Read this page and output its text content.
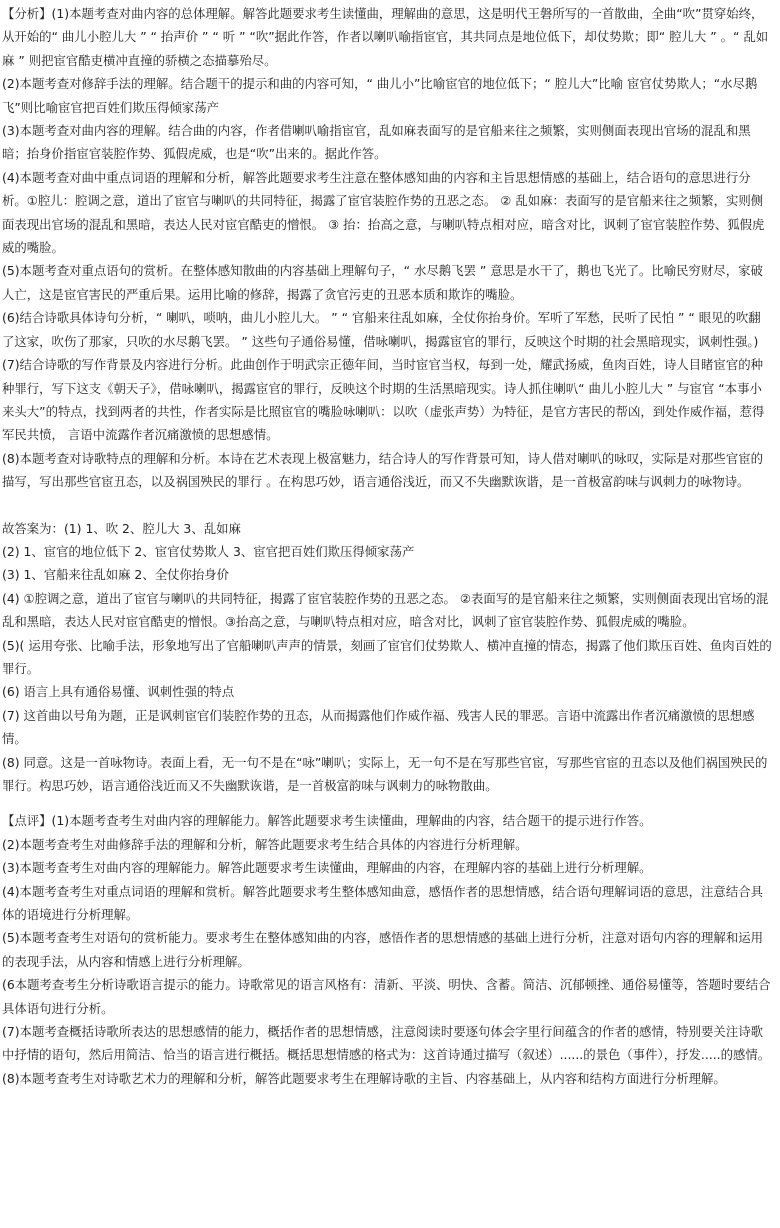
【分析】(1)本题考查对曲内容的总体理解。解答此题要求考生读懂曲，理解曲的意思，这是明代王磐所写的一首散曲，全曲“吹”贯穿始终，从开始的“ 曲儿小腔儿大 ” “ 抬声价 ” “ 听 ” “吹”据此作答，作者以喇叭喻指宦官，其共同点是地位低下，却仗势欺；即“ 腔儿大 ” 。“ 乱如麻 ” 则把宦官酷吏横冲直撞的骄横之态描摹殆尽。

(2)本题考查对修辞手法的理解。结合题干的提示和曲的内容可知，“ 曲儿小”比喻宦官的地位低下；“ 腔儿大”比喻 宦官仗势欺人；“水尽鹅飞”则比喻宦官把百姓们欺压得倾家荡产

(3)本题考查对曲内容的理解。结合曲的内容，作者借喇叭喻指宦官，乱如麻表面写的是官船来往之频繁，实则侧面表现出官场的混乱和黑暗；抬身价指宦官装腔作势、狐假虎威，也是“吹”出来的。据此作答。

(4)本题考查对曲中重点词语的理解和分析，解答此题要求考生注意在整体感知曲的内容和主旨思想情感的基础上，结合语句的意思进行分析。①腔儿：腔调之意，道出了宦官与喇叭的共同特征，揭露了宦官装腔作势的丑恶之态。 ② 乱如麻：表面写的是官船来往之频繁，实则侧面表现出官场的混乱和黑暗，表达人民对宦官酷吏的憎恨。 ③ 抬：抬高之意，与喇叭特点相对应，暗含对比，讽刺了宦官装腔作势、狐假虎威的嘴脸。

(5)本题考查对重点语句的赏析。在整体感知散曲的内容基础上理解句子，“ 水尽鹅飞罢 ” 意思是水干了，鹅也飞光了。比喻民穷财尽，家破人亡，这是宦官害民的严重后果。运用比喻的修辞，揭露了贪官污吏的丑恶本质和欺诈的嘴脸。

(6)结合诗歌具体诗句分析，“ 喇叭，唢呐，曲儿小腔儿大。 ” “ 官船来往乱如麻，全仗你抬身价。军听了军愁，民听了民怕 ” “ 眼见的吹翻了这家，吹伤了那家，只吹的水尽鹅飞罢。 ” 这些句子通俗易懂，借咏喇叭，揭露宦官的罪行，反映这个时期的社会黑暗现实，讽刺性强。)

(7)结合诗歌的写作背景及内容进行分析。此曲创作于明武宗正德年间，当时宦官当权，每到一处，耀武扬威，鱼肉百姓，诗人目睹宦官的种种罪行，写下这支《朝天子》，借咏喇叭，揭露宦官的罪行，反映这个时期的生活黑暗现实。诗人抓住喇叭“ 曲儿小腔儿大 ” 与宦官 “本事小来头大”的特点，找到两者的共性，作者实际是比照宦官的嘴脸咏喇叭：以吹（虚张声势）为特征，是官方害民的帮凶，到处作威作福，惹得军民共愤， 言语中流露作者沉痛激愤的思想感情。

(8)本题考查对诗歌特点的理解和分析。本诗在艺术表现上极富魅力，结合诗人的写作背景可知，诗人借对喇叭的咏叹，实际是对那些官宦的描写，写出那些官宦丑态，以及祸国殃民的罪行 。在构思巧妙，语言通俗浅近，而又不失幽默诙谐，是一首极富韵味与讽刺力的咏物诗。

故答案为：(1) 1、吹 2、腔儿大 3、乱如麻

(2) 1、宦官的地位低下 2、宦官仗势欺人 3、宦官把百姓们欺压得倾家荡产

(3) 1、官船来往乱如麻 2、全仗你抬身价

(4) ①腔调之意，道出了宦官与喇叭的共同特征，揭露了宦官装腔作势的丑恶之态。 ②表面写的是官船来往之频繁，实则侧面表现出官场的混乱和黑暗，表达人民对宦官酷吏的憎恨。③抬高之意，与喇叭特点相对应，暗含对比，讽刺了宦官装腔作势、狐假虎威的嘴脸。

(5)( 运用夸张、比喻手法，形象地写出了官船喇叭声声的情景，刻画了宦官们仗势欺人、横冲直撞的情态，揭露了他们欺压百姓、鱼肉百姓的罪行。

(6) 语言上具有通俗易懂、讽刺性强的特点

(7) 这首曲以号角为题，正是讽刺宦官们装腔作势的丑态，从而揭露他们作威作福、残害人民的罪恶。言语中流露出作者沉痛激愤的思想感情。

(8) 同意。这是一首咏物诗。表面上看，无一句不是在“咏”喇叭；实际上，无一句不是在写那些官宦，写那些官宦的丑态以及他们祸国殃民的罪行。构思巧妙，语言通俗浅近而又不失幽默诙谐，是一首极富韵味与讽刺力的咏物散曲。

【点评】(1)本题考查考生对曲内容的理解能力。解答此题要求考生读懂曲，理解曲的内容，结合题干的提示进行作答。

(2)本题考查考生对曲修辞手法的理解和分析，解答此题要求考生结合具体的内容进行分析理解。

(3)本题考查考生对曲内容的理解能力。解答此题要求考生读懂曲，理解曲的内容，在理解内容的基础上进行分析理解。

(4)本题考查考生对重点词语的理解和赏析。解答此题要求考生整体感知曲意，感悟作者的思想情感，结合语句理解词语的意思，注意结合具体的语境进行分析理解。

(5)本题考查考生对语句的赏析能力。要求考生在整体感知曲的内容，感悟作者的思想情感的基础上进行分析，注意对语句内容的理解和运用的表现手法，从内容和情感上进行分析理解。

(6本题考查考生分析诗歌语言提示的能力。诗歌常见的语言风格有：清新、平淡、明快、含蓄。简洁、沉郁顿挫、通俗易懂等，答题时要结合具体语句进行分析。

(7)本题考查概括诗歌所表达的思想感情的能力，概括作者的思想情感，注意阅读时要逐句体会字里行间蕴含的作者的感情，特别要关注诗歌中抒情的语句，然后用简洁、恰当的语言进行概括。概括思想情感的格式为：这首诗通过描写（叙述）......的景色（事件），抒发.....的感情。

(8)本题考查考生对诗歌艺术力的理解和分析，解答此题要求考生在理解诗歌的主旨、内容基础上，从内容和结构方面进行分析理解。
